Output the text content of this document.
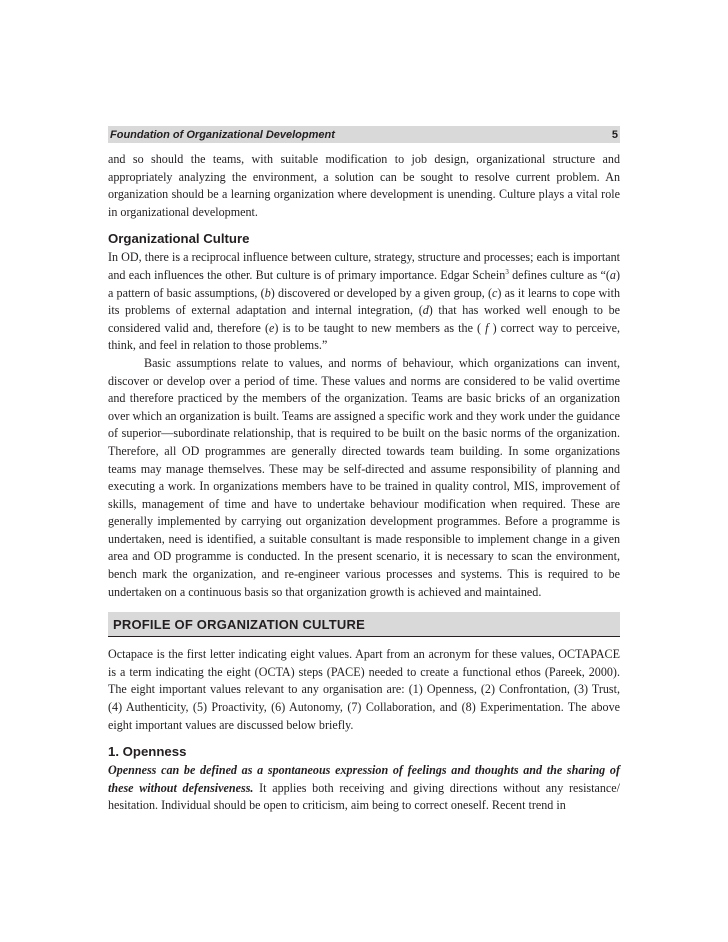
Foundation of Organizational Development	5

and so should the teams, with suitable modification to job design, organizational structure and appropriately analyzing the environment, a solution can be sought to resolve current problem. An organization should be a learning organization where development is unending. Culture plays a vital role in organizational development.

Organizational Culture

In OD, there is a reciprocal influence between culture, strategy, structure and processes; each is important and each influences the other. But culture is of primary importance. Edgar Schein$^3$ defines culture as “(a) a pattern of basic assumptions, (b) discovered or developed by a given group, (c) as it learns to cope with its problems of external adaptation and internal integration, (d) that has worked well enough to be considered valid and, therefore (e) is to be taught to new members as the ( f ) correct way to perceive, think, and feel in relation to those problems.”

Basic assumptions relate to values, and norms of behaviour, which organizations can invent, discover or develop over a period of time. These values and norms are considered to be valid overtime and therefore practiced by the members of the organization. Teams are basic bricks of an organization over which an organization is built. Teams are assigned a specific work and they work under the guidance of superior—subordinate relationship, that is required to be built on the basic norms of the organization. Therefore, all OD programmes are generally directed towards team building. In some organizations teams may manage themselves. These may be self-directed and assume responsibility of planning and executing a work. In organizations members have to be trained in quality control, MIS, improvement of skills, management of time and have to undertake behaviour modification when required. These are generally implemented by carrying out organization development programmes. Before a programme is undertaken, need is identified, a suitable consultant is made responsible to implement change in a given area and OD programme is conducted. In the present scenario, it is necessary to scan the environment, bench mark the organization, and re-engineer various processes and systems. This is required to be undertaken on a continuous basis so that organization growth is achieved and maintained.

PROFILE OF ORGANIZATION CULTURE

Octapace is the first letter indicating eight values. Apart from an acronym for these values, OCTAPACE is a term indicating the eight (OCTA) steps (PACE) needed to create a functional ethos (Pareek, 2000). The eight important values relevant to any organisation are: (1) Openness, (2) Confrontation, (3) Trust, (4) Authenticity, (5) Proactivity, (6) Autonomy, (7) Collaboration, and (8) Experimentation. The above eight important values are discussed below briefly.

1. Openness

Openness can be defined as a spontaneous expression of feelings and thoughts and the sharing of these without defensiveness. It applies both receiving and giving directions without any resistance/ hesitation. Individual should be open to criticism, aim being to correct oneself. Recent trend in
